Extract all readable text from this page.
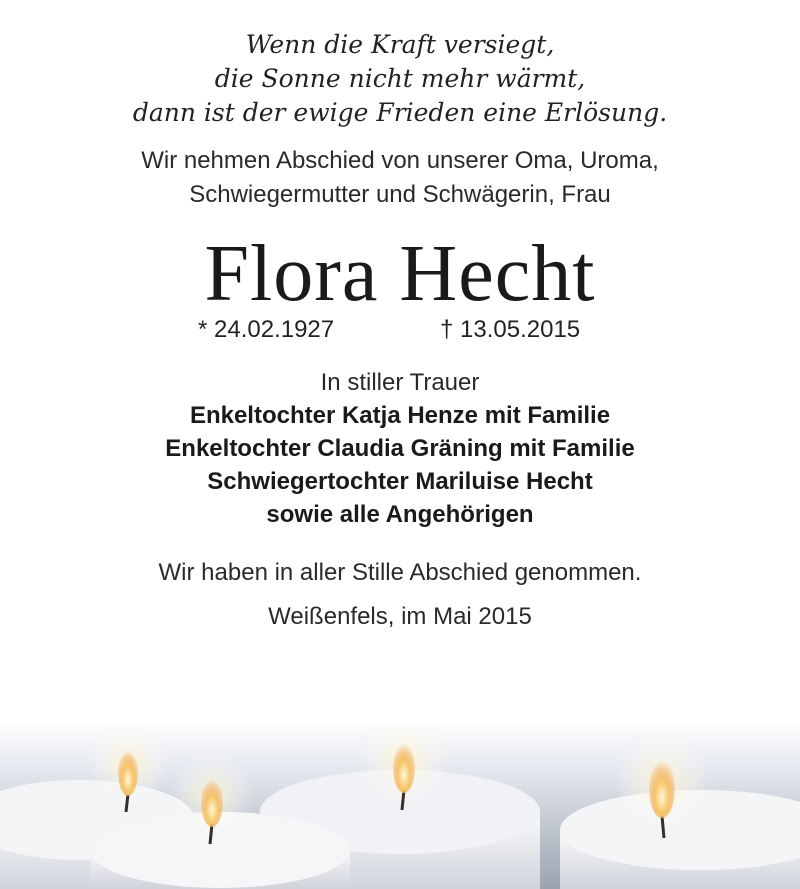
Wenn die Kraft versiegt,
die Sonne nicht mehr wärmt,
dann ist der ewige Frieden eine Erlösung.
Wir nehmen Abschied von unserer Oma, Uroma,
Schwiegermutter und Schwägerin, Frau
Flora Hecht
* 24.02.1927	† 13.05.2015
In stiller Trauer
Enkeltochter Katja Henze mit Familie
Enkeltochter Claudia Gräning mit Familie
Schwiegertochter Mariluise Hecht
sowie alle Angehörigen
Wir haben in aller Stille Abschied genommen.
Weißenfels, im Mai 2015
